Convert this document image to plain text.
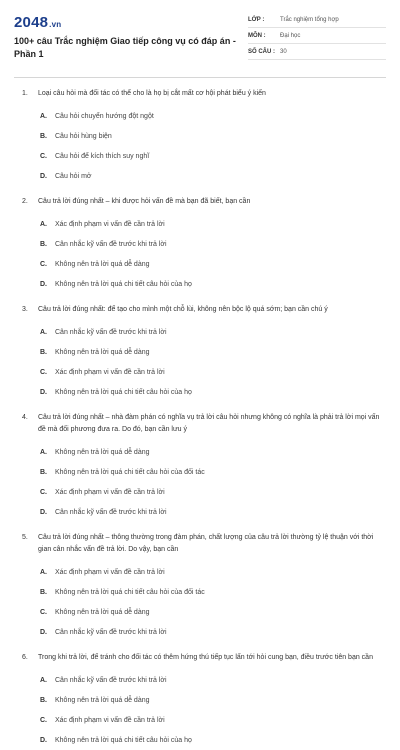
2048.vn
100+ câu Trắc nghiệm Giao tiếp công vụ có đáp án - Phần 1
LỚP :	Trắc nghiệm tổng hợp
MÔN :	Đại học
SỐ CÂU : 30
1.	Loại câu hỏi mà đối tác có thể cho là họ bị cắt mất cơ hội phát biểu ý kiến
A.	Câu hỏi chuyển hướng đột ngột
B.	Câu hỏi hùng biện
C.	Câu hỏi để kích thích suy nghĩ
D.	Câu hỏi mở
2.	Câu trả lời đúng nhất – khi được hỏi vấn đề mà bạn đã biết, bạn cần
A.	Xác định phạm vi vấn đề cần trả lời
B.	Cân nhắc kỹ vấn đề trước khi trả lời
C.	Không nên trả lời quá dễ dàng
D.	Không nên trả lời quá chi tiết câu hỏi của họ
3.	Câu trả lời đúng nhất: để tạo cho mình một chỗ lùi, không nên bộc lộ quá sớm; bạn cần chú ý
A.	Cân nhắc kỹ vấn đề trước khi trả lời
B.	Không nên trả lời quá dễ dàng
C.	Xác định phạm vi vấn đề cần trả lời
D.	Không nên trả lời quá chi tiết câu hỏi của họ
4.	Câu trả lời đúng nhất – nhà đàm phán có nghĩa vụ trả lời câu hỏi nhưng không có nghĩa là phải trả lời mọi vấn đề mà đối phương đưa ra. Do đó, bạn cần lưu ý
A.	Không nên trả lời quá dễ dàng
B.	Không nên trả lời quá chi tiết câu hỏi của đối tác
C.	Xác định phạm vi vấn đề cần trả lời
D.	Cân nhắc kỹ vấn đề trước khi trả lời
5.	Câu trả lời đúng nhất – thông thường trong đàm phán, chất lượng của câu trả lời thường tỷ lệ thuận với thời gian cân nhắc vấn đề trả lời. Do vậy, bạn cần
A.	Xác định phạm vi vấn đề cần trả lời
B.	Không nên trả lời quá chi tiết câu hỏi của đối tác
C.	Không nên trả lời quá dễ dàng
D.	Cân nhắc kỹ vấn đề trước khi trả lời
6.	Trong khi trả lời, để tránh cho đối tác có thêm hứng thú tiếp tục lấn tới hỏi cung bạn, điều trước tiên bạn cần
A.	Cân nhắc kỹ vấn đề trước khi trả lời
B.	Không nên trả lời quá dễ dàng
C.	Xác định phạm vi vấn đề cần trả lời
D.	Không nên trả lời quá chi tiết câu hỏi của họ
